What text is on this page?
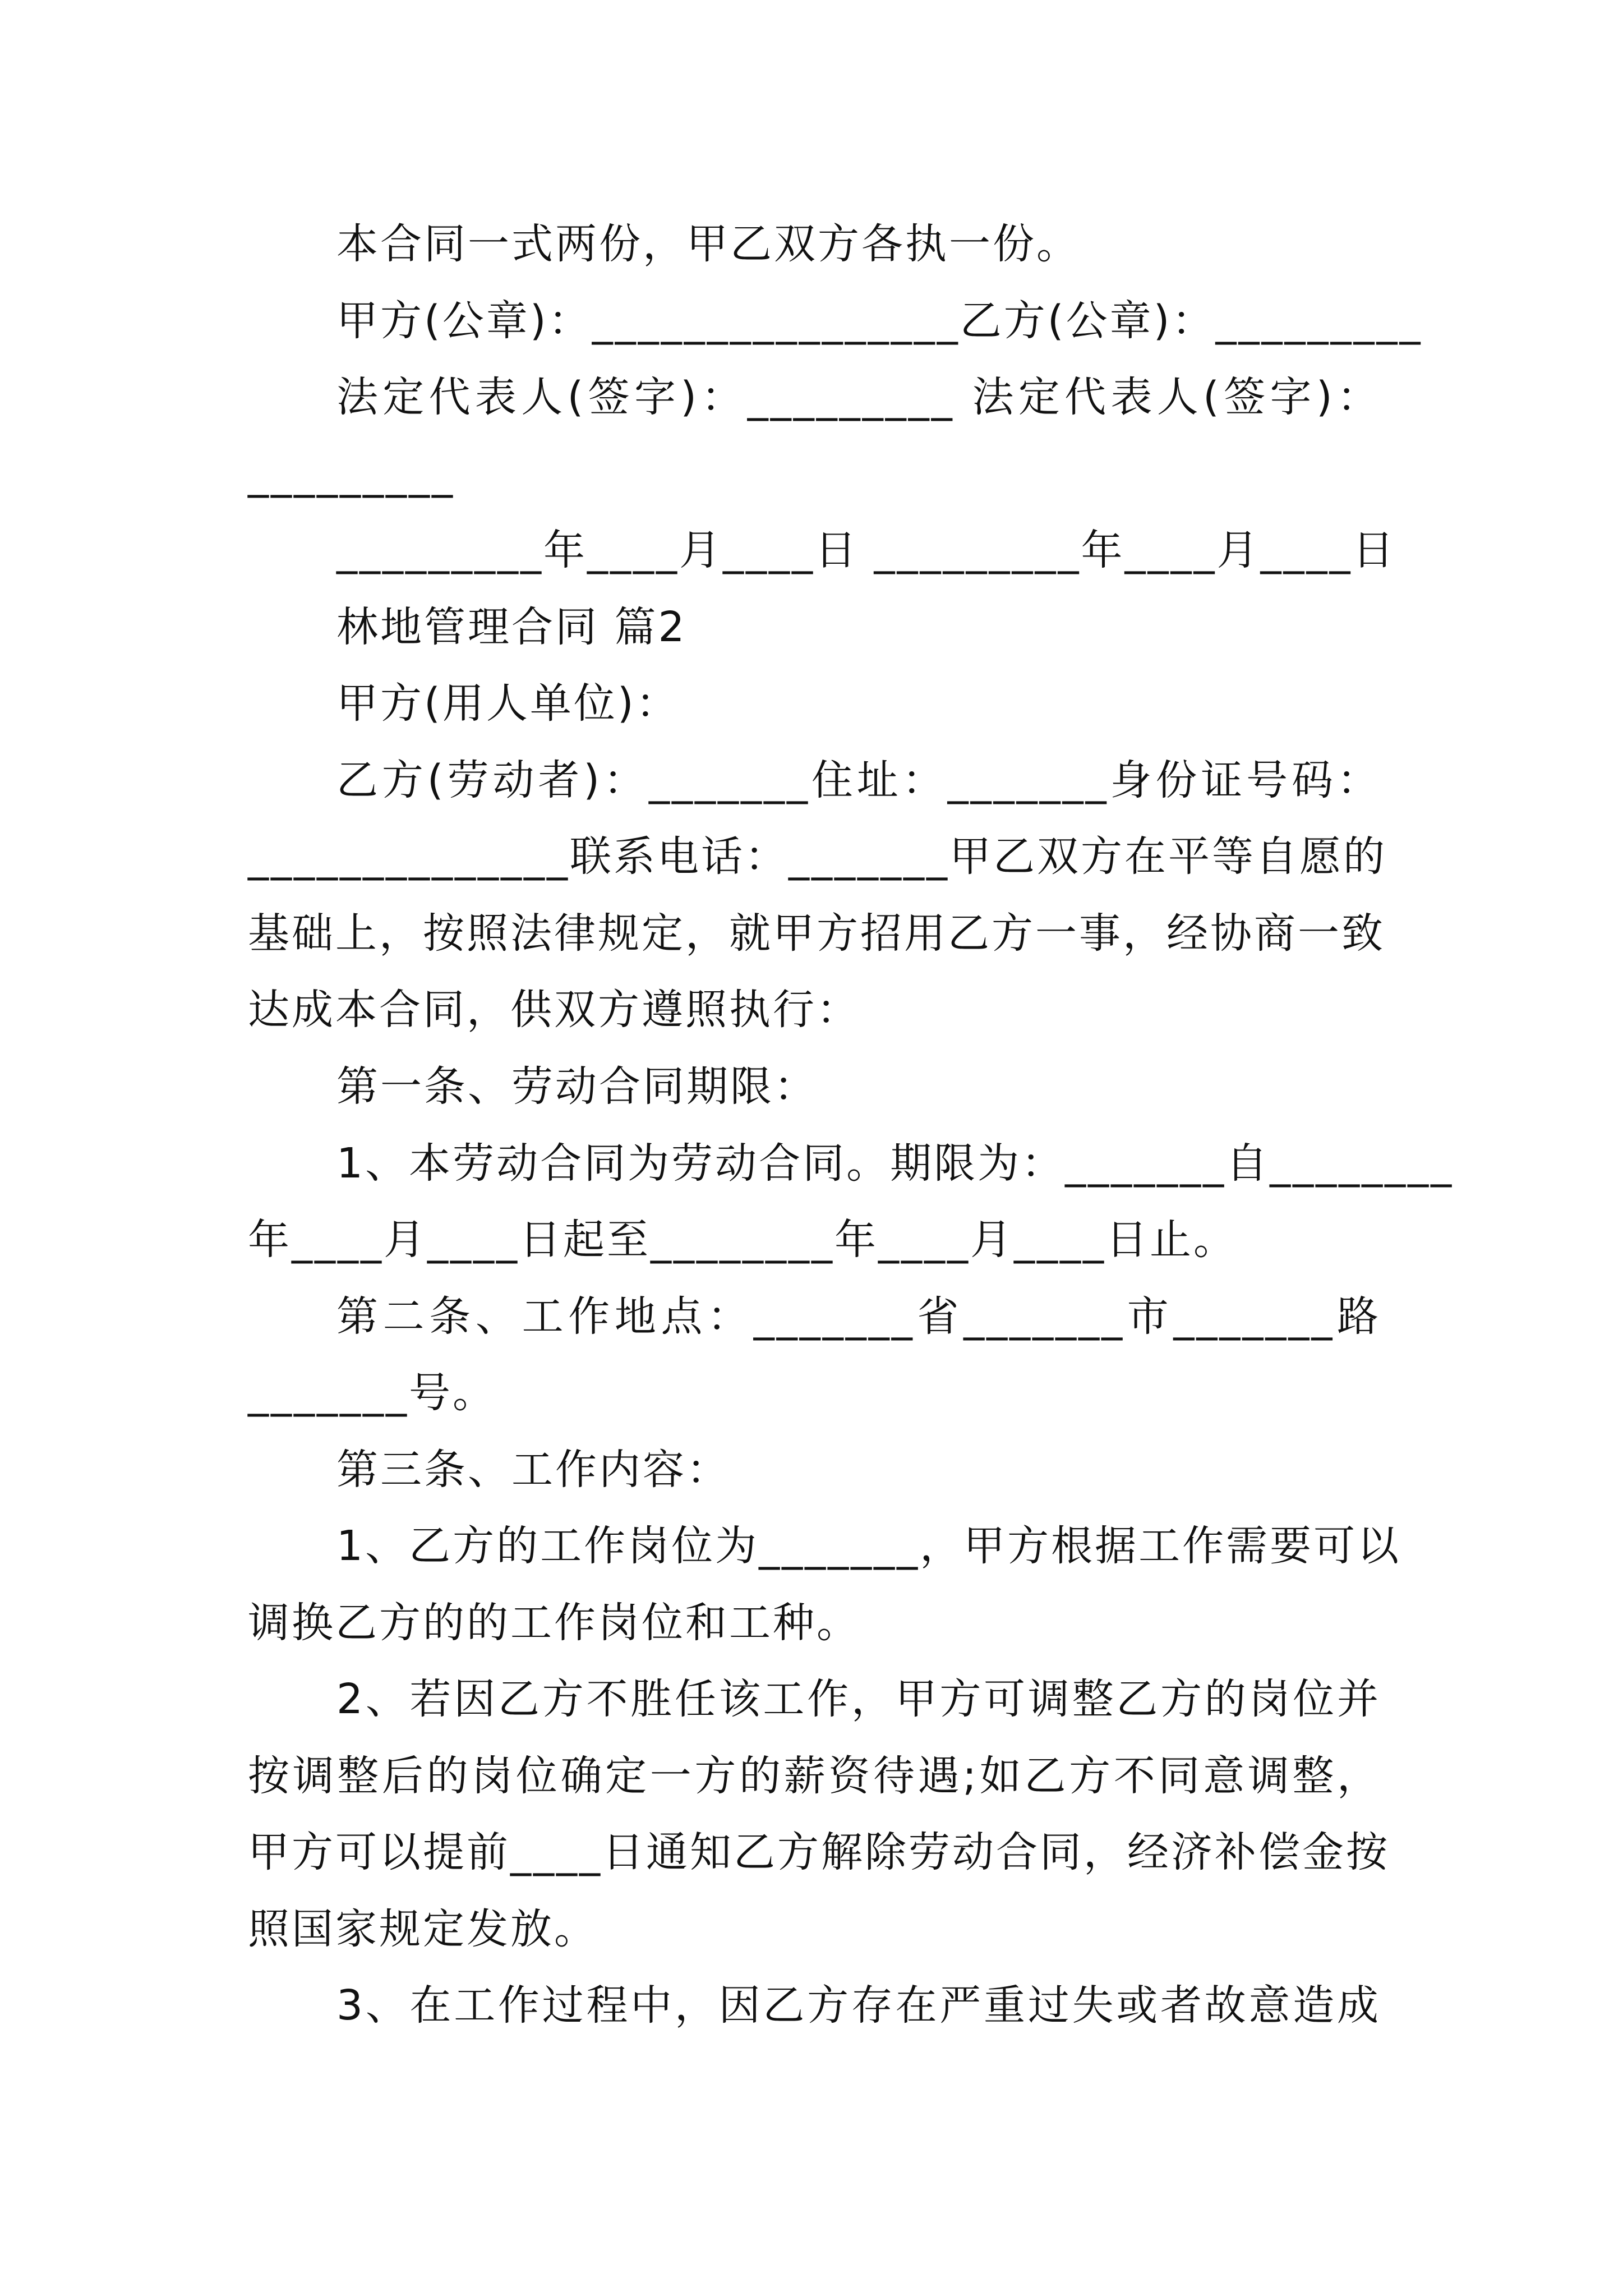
本合同一式两份，甲乙双方各执一份。
甲方(公章)：________________乙方(公章)：_________
法定代表人(签字)：_________ 法定代表人(签字)：
_________
_________年____月____日 _________年____月____日
林地管理合同 篇2
甲方(用人单位)：
乙方(劳动者)：_______住址：_______身份证号码：
______________联系电话：_______甲乙双方在平等自愿的
基础上，按照法律规定，就甲方招用乙方一事，经协商一致
达成本合同，供双方遵照执行：
第一条、劳动合同期限：
1、本劳动合同为劳动合同。期限为：_______自________
年____月____日起至________年____月____日止。
第二条、工作地点：_______省_______市_______路
_______号。
第三条、工作内容：
1、乙方的工作岗位为_______，甲方根据工作需要可以
调换乙方的的工作岗位和工种。
2、若因乙方不胜任该工作，甲方可调整乙方的岗位并
按调整后的岗位确定一方的薪资待遇;如乙方不同意调整，
甲方可以提前____日通知乙方解除劳动合同，经济补偿金按
照国家规定发放。
3、在工作过程中，因乙方存在严重过失或者故意造成
